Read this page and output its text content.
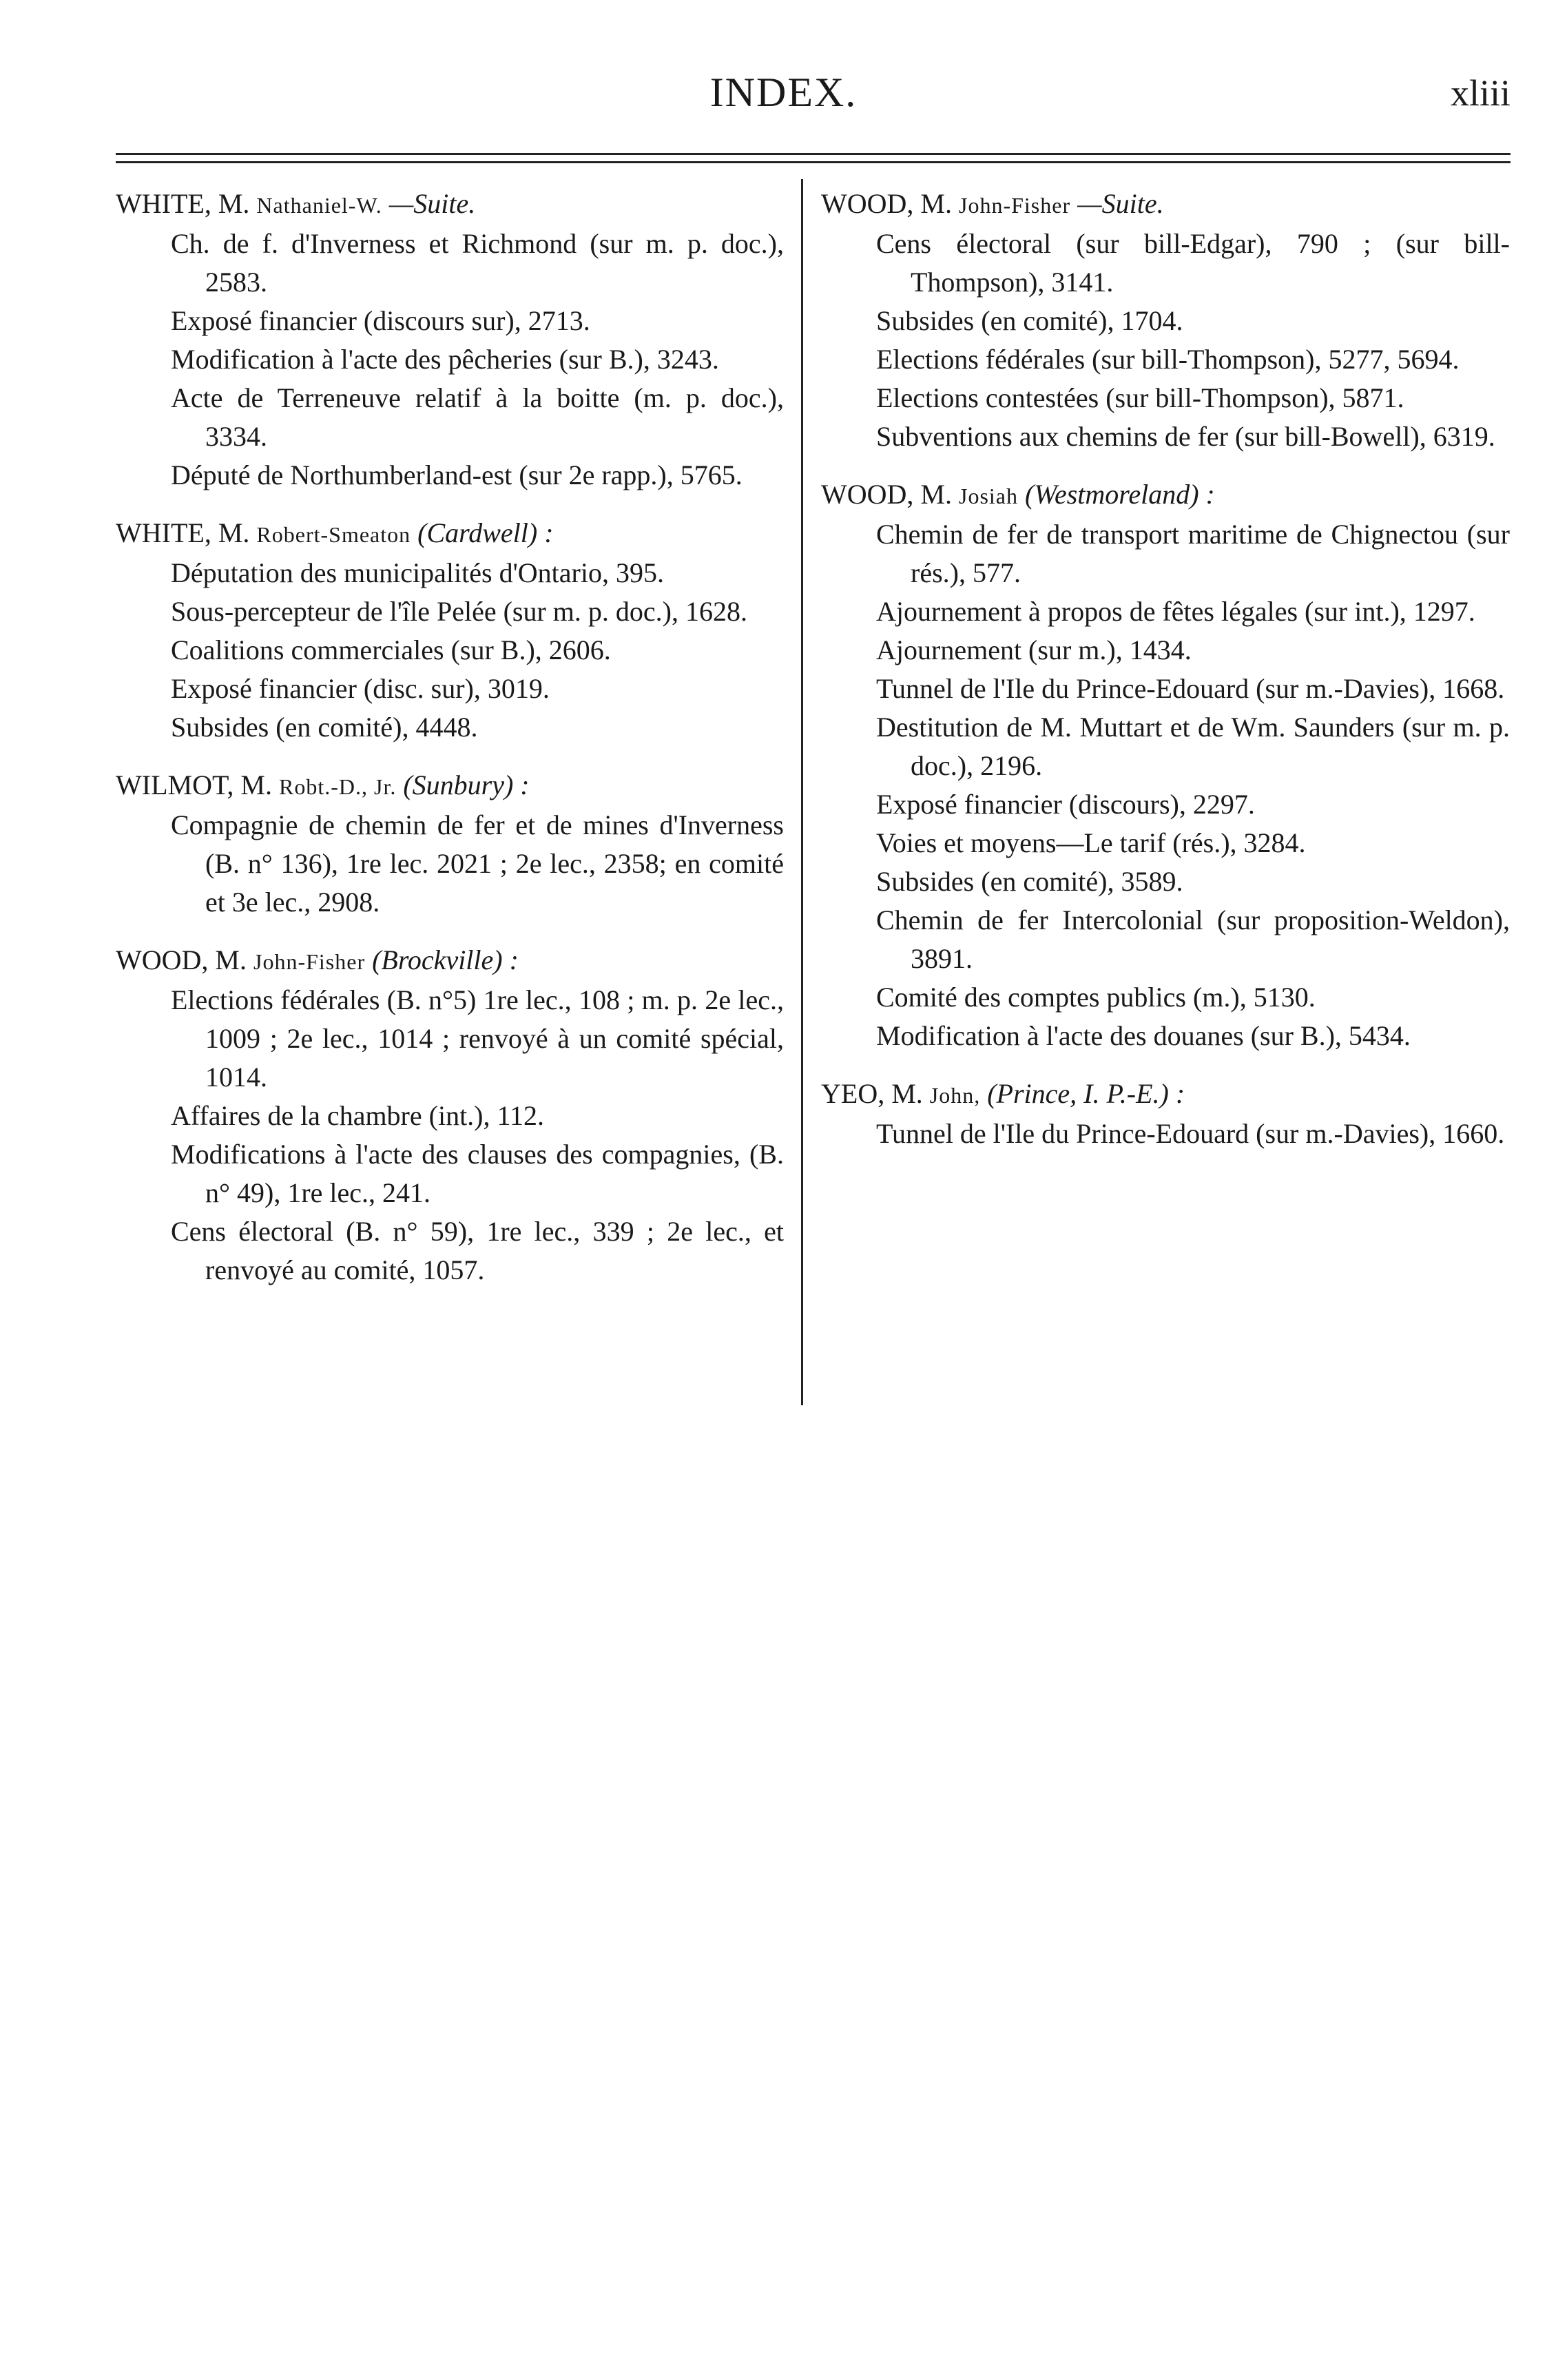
INDEX.	xliii
WHITE, M. Nathaniel-W. —Suite.
Ch. de f. d'Inverness et Richmond (sur m. p. doc.), 2583.
Exposé financier (discours sur), 2713.
Modification à l'acte des pêcheries (sur B.), 3243.
Acte de Terreneuve relatif à la boitte (m. p. doc.), 3334.
Député de Northumberland-est (sur 2e rapp.), 5765.
WHITE, M. Robert-Smeaton (Cardwell) :
Députation des municipalités d'Ontario, 395.
Sous-percepteur de l'île Pelée (sur m. p. doc.), 1628.
Coalitions commerciales (sur B.), 2606.
Exposé financier (disc. sur), 3019.
Subsides (en comité), 4448.
WILMOT, M. Robt.-D., Jr. (Sunbury) :
Compagnie de chemin de fer et de mines d'Inverness (B. n° 136), 1re lec. 2021 ; 2e lec., 2358; en comité et 3e lec., 2908.
WOOD, M. John-Fisher (Brockville) :
Elections fédérales (B. n°5) 1re lec., 108 ; m. p. 2e lec., 1009 ; 2e lec., 1014 ; renvoyé à un comité spécial, 1014.
Affaires de la chambre (int.), 112.
Modifications à l'acte des clauses des compagnies, (B. n° 49), 1re lec., 241.
Cens électoral (B. n° 59), 1re lec., 339 ; 2e lec., et renvoyé au comité, 1057.
WOOD, M. John-Fisher —Suite.
Cens électoral (sur bill-Edgar), 790 ; (sur bill-Thompson), 3141.
Subsides (en comité), 1704.
Elections fédérales (sur bill-Thompson), 5277, 5694.
Elections contestées (sur bill-Thompson), 5871.
Subventions aux chemins de fer (sur bill-Bowell), 6319.
WOOD, M. Josiah (Westmoreland) :
Chemin de fer de transport maritime de Chignectou (sur rés.), 577.
Ajournement à propos de fêtes légales (sur int.), 1297.
Ajournement (sur m.), 1434.
Tunnel de l'Ile du Prince-Edouard (sur m.-Davies), 1668.
Destitution de M. Muttart et de Wm. Saunders (sur m. p. doc.), 2196.
Exposé financier (discours), 2297.
Voies et moyens—Le tarif (rés.), 3284.
Subsides (en comité), 3589.
Chemin de fer Intercolonial (sur proposition-Weldon), 3891.
Comité des comptes publics (m.), 5130.
Modification à l'acte des douanes (sur B.), 5434.
YEO, M. John, (Prince, I. P.-E.) :
Tunnel de l'Ile du Prince-Edouard (sur m.-Davies), 1660.
